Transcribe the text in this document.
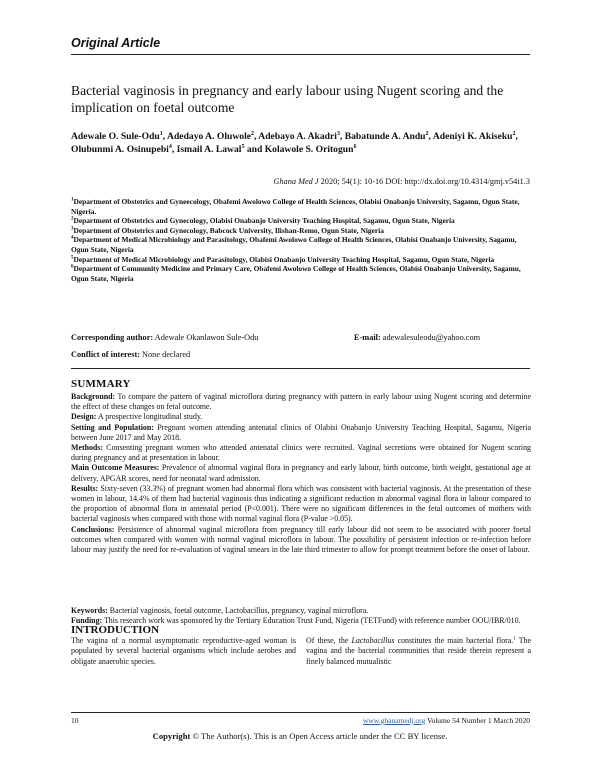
Original Article
Bacterial vaginosis in pregnancy and early labour using Nugent scoring and the implication on foetal outcome
Adewale O. Sule-Odu$^1$, Adedayo A. Oluwole$^2$, Adebayo A. Akadri$^3$, Babatunde A. Andu$^2$, Adeniyi K. Akiseku$^2$, Olubunmi A. Osinupebi$^4$, Ismail A. Lawal$^5$ and Kolawole S. Oritogun$^6$
Ghana Med J 2020; 54(1): 10-16 DOI: http://dx.doi.org/10.4314/gmj.v54i1.3
$^1$Department of Obstetrics and Gyneecology, Obafemi Awolowo College of Health Sciences, Olabisi Onabanjo University, Sagamu, Ogun State, Nigeria.
$^2$Department of Obstetrics and Gynecology, Olabisi Onabanjo University Teaching Hospital, Sagamu, Ogun State, Nigeria
$^3$Department of Obstetrics and Gynecology, Babcock University, Ilishan-Remo, Ogun State, Nigeria
$^4$Department of Medical Microbiology and Parasitology, Obafemi Awolowo College of Health Sciences, Olabisi Onabanjo University, Sagamu, Ogun State, Nigeria
$^5$Department of Medical Microbiology and Parasitology, Olabisi Onabanjo University Teaching Hospital, Sagamu, Ogun State, Nigeria
$^6$Department of Community Medicine and Primary Care, Obafemi Awolowo College of Health Sciences, Olabisi Onabanjo University, Sagamu, Ogun State, Nigeria
Corresponding author: Adewale Okanlawon Sule-Odu	E-mail: adewalesuleodu@yahoo.com
Conflict of interest: None declared
SUMMARY

Background: To compare the pattern of vaginal microflora during pregnancy with pattern in early labour using Nugent scoring and determine the effect of these changes on fetal outcome.

Design: A prospective longitudinal study.

Setting and Population: Pregnant women attending antenatal clinics of Olabisi Onabanjo University Teaching Hospital, Sagamu, Nigeria between June 2017 and May 2018.

Methods: Consenting pregnant women who attended antenatal clinics were recruited. Vaginal secretions were obtained for Nugent scoring during pregnancy and at presentation in labour.

Main Outcome Measures: Prevalence of abnormal vaginal flora in pregnancy and early labour, birth outcome, birth weight, gestational age at delivery, APGAR scores, need for neonatal ward admission.

Results: Sixty-seven (33.3%) of pregnant women had abnormal flora which was consistent with bacterial vaginosis. At the presentation of these women in labour, 14.4% of them had bacterial vaginosis thus indicating a significant reduction in abnormal vaginal flora in labour compared to the proportion of abnormal flora in antenatal period (P<0.001). There were no significant differences in the fetal outcomes of mothers with bacterial vaginosis when compared with those with normal vaginal flora (P-value >0.05).

Conclusions: Persistence of abnormal vaginal microflora from pregnancy till early labour did not seem to be associated with poorer foetal outcomes when compared with women with normal vaginal microflora in labour. The possibility of persistent infection or re-infection before labour may justify the need for re-evaluation of vaginal smears in the late third trimester to allow for prompt treatment before the onset of labour.

Keywords: Bacterial vaginosis, foetal outcome, Lactobacillus, pregnancy, vaginal microflora.

Funding: This research work was sponsored by the Tertiary Education Trust Fund, Nigeria (TETFund) with reference number OOU/IBR/010.

INTRODUCTION

The vagina of a normal asymptomatic reproductive-aged woman is populated by several bacterial organisms which include aerobes and obligate anaerobic species.

Of these, the Lactobacillus constitutes the main bacterial flora.$^1$ The vagina and the bacterial communities that reside therein represent a finely balanced mutualistic

10	www.ghanamedj.org Volume 54 Number 1 March 2020
Copyright © The Author(s). This is an Open Access article under the CC BY license.
